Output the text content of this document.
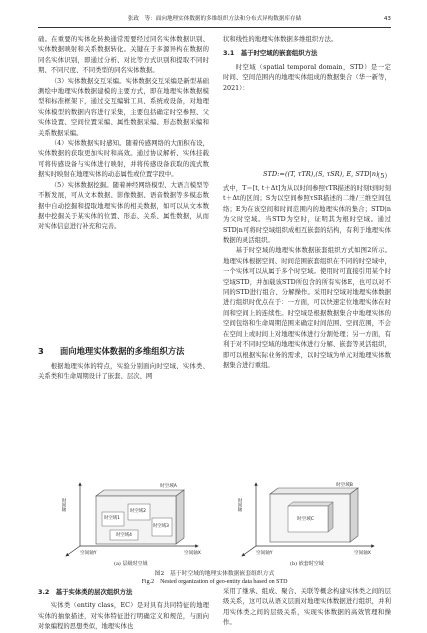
张政　等：面向地理实体数据的多维组织方法和分布式异构数据库存储	43

础。在重要的实体化转换通常需要经过同名实体数据识别、实体数据映射和关系数据转化。关键在于多源异构在数据的同名实体识别，即通过分析、对比等方式识别和提取不同时期、不同尺度、不同类型的同名实体数据。

（3）实体数据交互采编。实体数据交互采编是新型基础测绘中地理实体数据建模的主要方式，即在地理实体数据模型和标准框架下，通过交互编辑工具、系统或设备，对地理实体模型的数据内容进行采集，主要包括确定时空参照、父实体设置、空间位置采编、属性数据采编、形态数据采编和关系数据采编。

（4）实体数据实时感知。随着传感网络的大面积布设，实体数据的获取更加实时和高效。通过协议解析、实体挂载可将传感设备与实体进行映射，并将传感设备获取的流式数据实时映射在地理实体的动态属性或位置字段中。

（5）实体数据挖掘。随着神经网络模型、大语言模型等不断发展，可从文本数据、影像数据、语音数据等多模态数据中自动挖掘和提取地理实体的相关数据，如可以从文本数据中挖掘关于某实体的位置、形态、关系、属性数据，从而对实体信息进行补充和完善。

3 面向地理实体数据的多维组织方法

根据地理实体的特点，实验分别面向时空域、实体类、关系类和生命周期设计了嵌套、层次、网

状和线性的地理实体数据多维组织方法。

3.1　基于时空域的嵌套组织方法

时空域（spatial temporal domain，STD）是一定时间、空间范围内的地理实体组成的数据集合（华一新等，2021）：

STD:=((T, τTR),(S, τSR), E, STD|n)
（5）

式中，T＝[t, t＋Δt]为从以时间参照τTR描述的时刻t到时刻t＋Δt的区间；S为以空间参照τSR描述的二维/三维空间包络；E为在该空间和时间范围内的地理实体的集合；STD|n为父时空域。当STD为空时，证明其为根时空域。通过STD|n可将时空域组织成相互嵌套的结构，有利于地理实体数据的灵活组织。

基于时空域的地理实体数据嵌套组织方式如图2所示。地理实体根据空间、时间范围嵌套组织在不同的时空域中，一个实体可以从属于多个时空域。使用时可直接引用某个时空域STD，并加载该STD所包含的所有实体E，也可以对不同的STD进行组合、分解操作。采用时空域对地理实体数据进行组织时优点在于：一方面，可以快速定位地理实体在时间和空间上的连续性。时空域是根据数据集合中地理实体的空间包络和生命周期范围来确定时间范围、空间范围，不会在空间上或时间上对地理实体进行分割处理；另一方面，有利于对不同时空域的地理实体进行分解、嵌套等灵活组织，即可以根据实际业务的需求，以时空域为单元对地理实体数据集合进行重组。

时间轴
空间轴X
空间轴Y
时空域A
时空域1
时空域2
时空域3
时空域4
(a) 层级时空域
时间轴
空间轴X
空间轴Y
时空域B
时空域C
(b) 嵌套时空域
图2　基于时空域的地理实体数据嵌套组织方式
Fig.2　Nested organization of geo-entity data based on STD
3.2　基于实体类的层次组织方法

实体类（entity class，EC）是对具有共同特征的地理实体的抽象描述，对实体特征进行明确定义和规范，与面向对象编程的思想类似，地理实体也

采用了继承、组成、聚合、关联等概念构建实体类之间的层级关系，这可以从语义层面对地理实体数据进行组织，并利用实体类之间的层级关系，实现实体数据的高效管理和操作。
